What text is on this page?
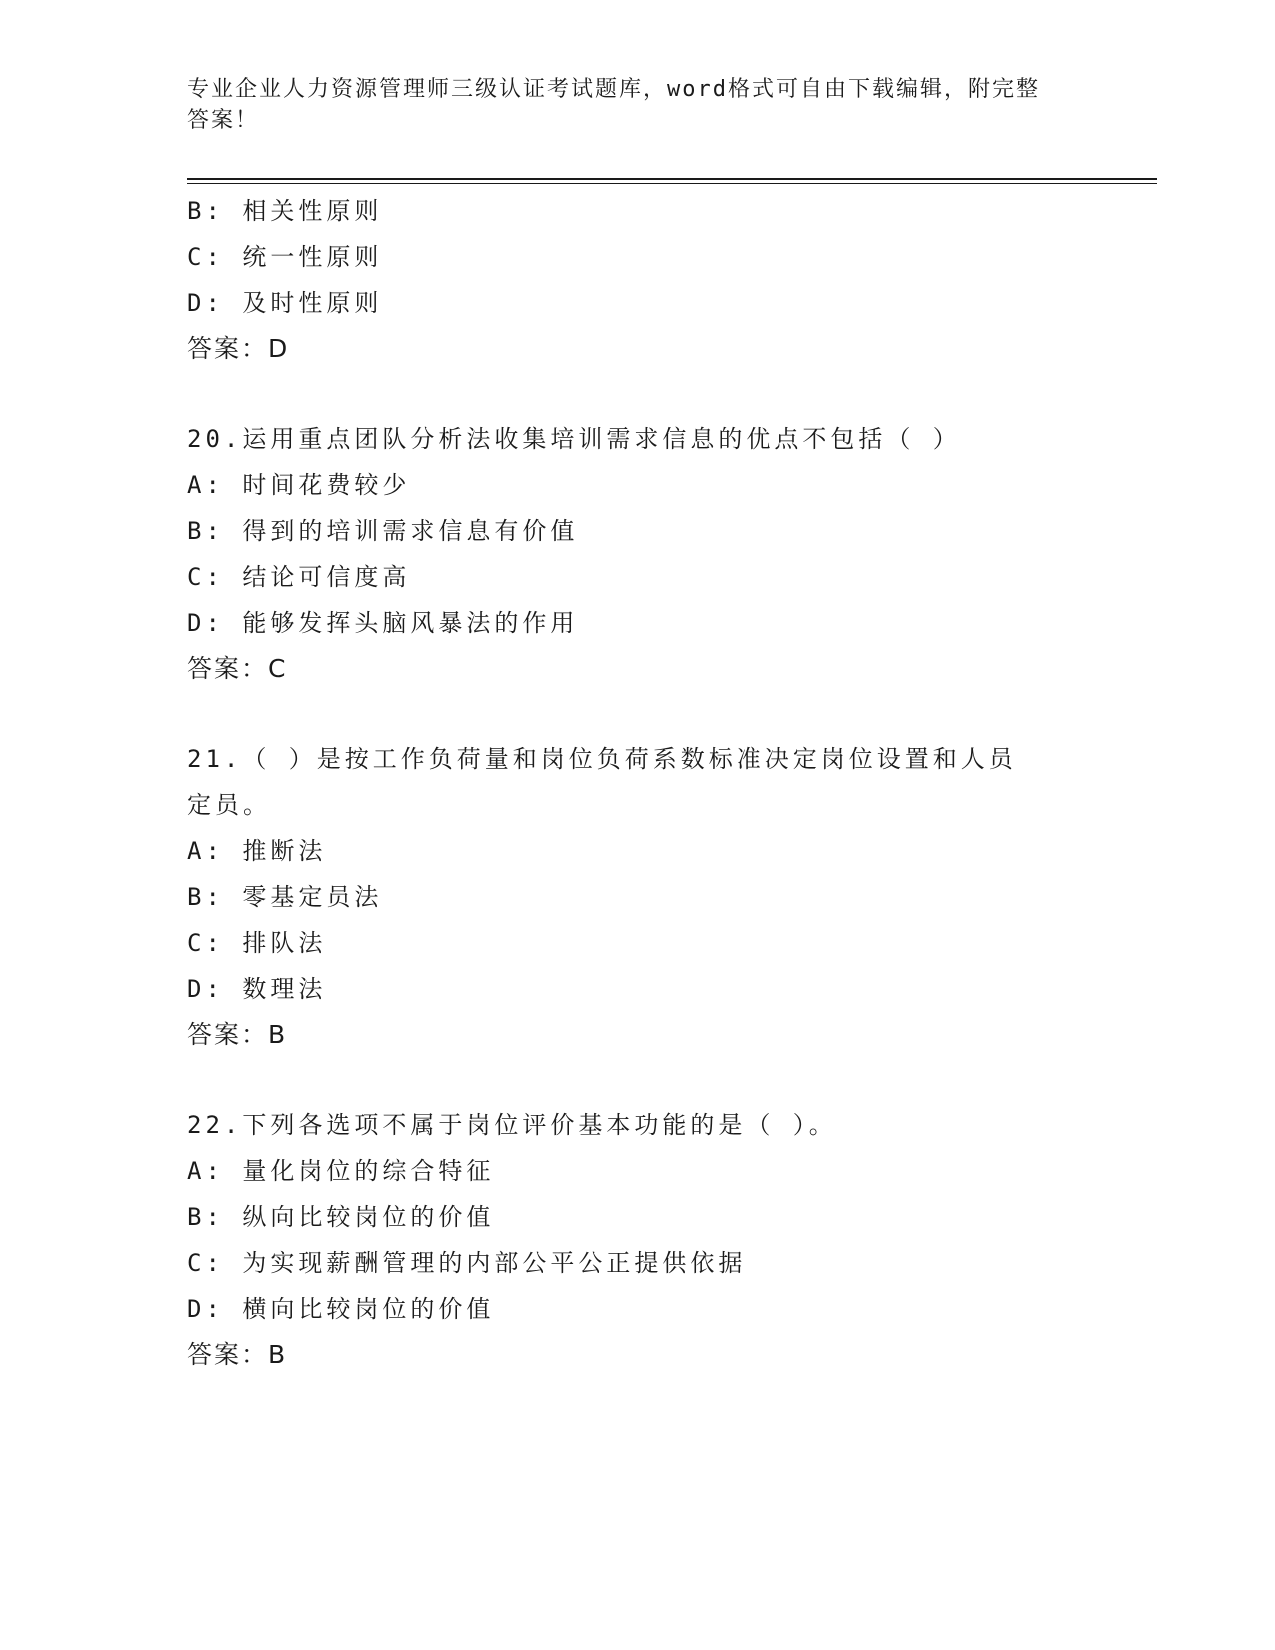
专业企业人力资源管理师三级认证考试题库，word格式可自由下载编辑，附完整
答案！
B: 相关性原则
C: 统一性原则
D: 及时性原则
答案：D
20.运用重点团队分析法收集培训需求信息的优点不包括（ ）
A: 时间花费较少
B: 得到的培训需求信息有价值
C: 结论可信度高
D: 能够发挥头脑风暴法的作用
答案：C
21.（ ）是按工作负荷量和岗位负荷系数标准决定岗位设置和人员
定员。
A: 推断法
B: 零基定员法
C: 排队法
D: 数理法
答案：B
22.下列各选项不属于岗位评价基本功能的是（ ）。
A: 量化岗位的综合特征
B: 纵向比较岗位的价值
C: 为实现薪酬管理的内部公平公正提供依据
D: 横向比较岗位的价值
答案：B
